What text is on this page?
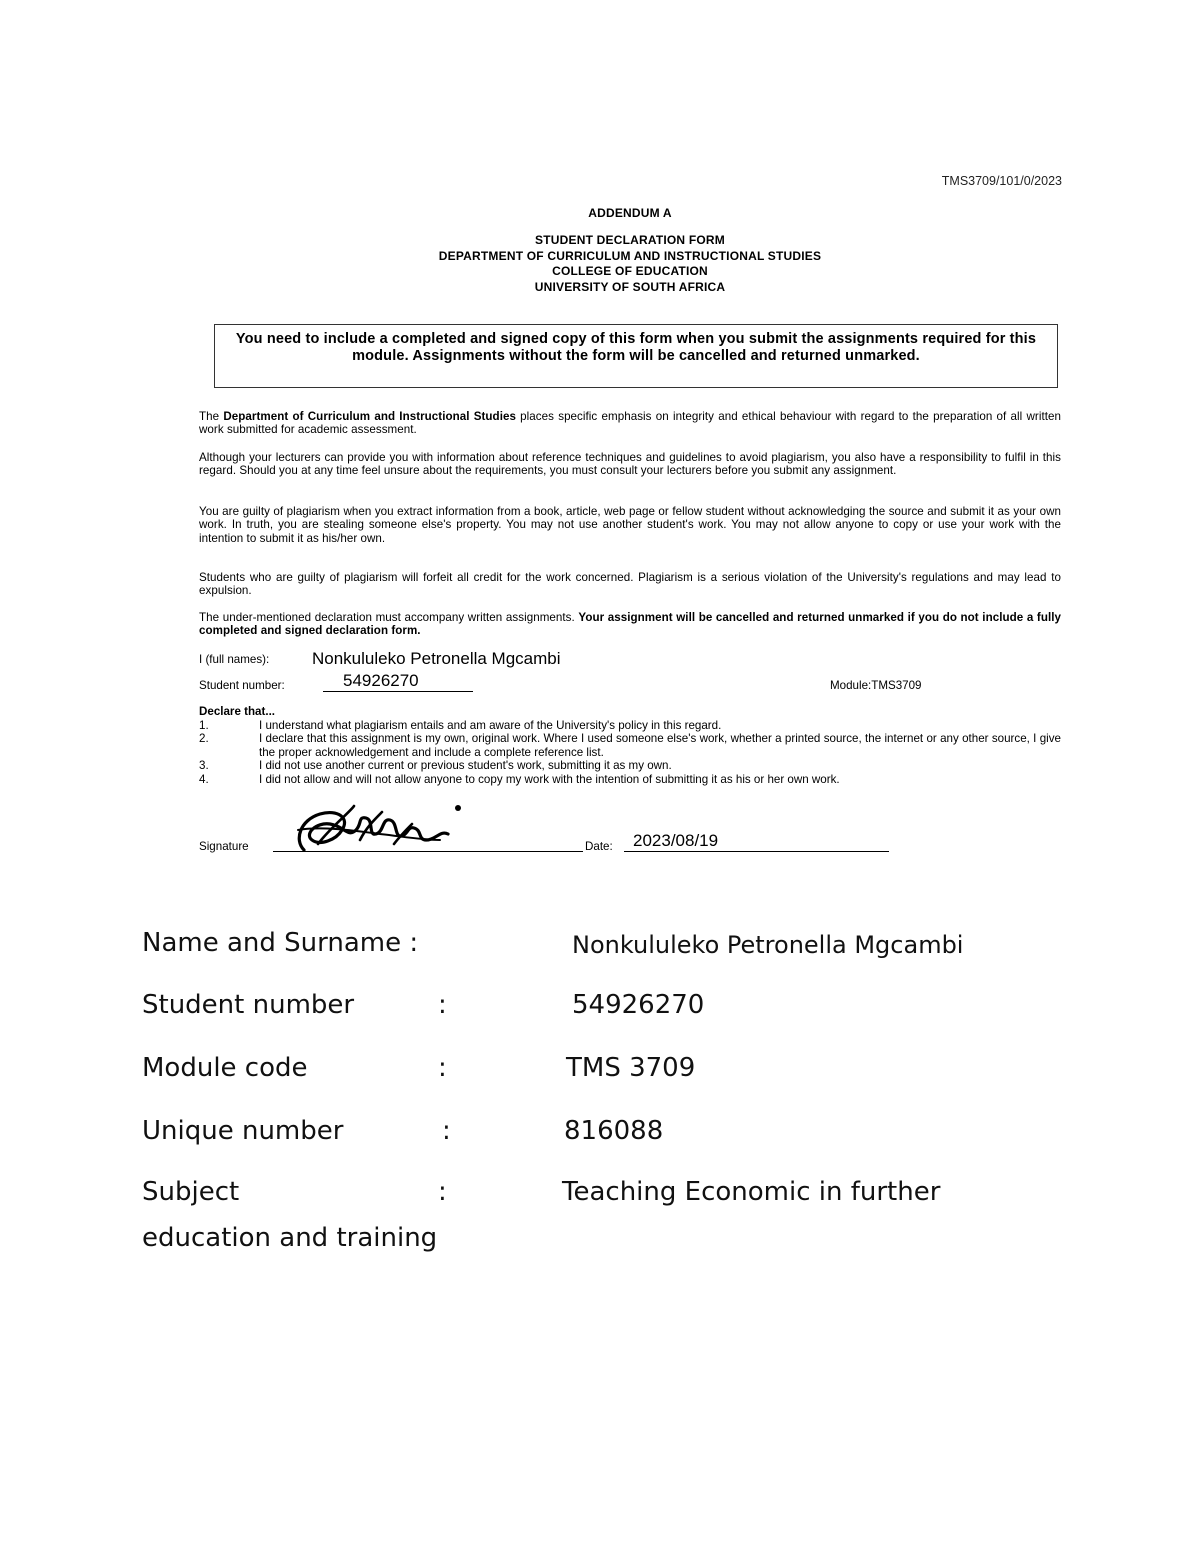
TMS3709/101/0/2023
ADDENDUM A
STUDENT DECLARATION FORM
DEPARTMENT OF CURRICULUM AND INSTRUCTIONAL STUDIES
COLLEGE OF EDUCATION
UNIVERSITY OF SOUTH AFRICA
You need to include a completed and signed copy of this form when you submit the assignments required for this module. Assignments without the form will be cancelled and returned unmarked.
The Department of Curriculum and Instructional Studies places specific emphasis on integrity and ethical behaviour with regard to the preparation of all written work submitted for academic assessment.
Although your lecturers can provide you with information about reference techniques and guidelines to avoid plagiarism, you also have a responsibility to fulfil in this regard. Should you at any time feel unsure about the requirements, you must consult your lecturers before you submit any assignment.
You are guilty of plagiarism when you extract information from a book, article, web page or fellow student without acknowledging the source and submit it as your own work. In truth, you are stealing someone else's property. You may not use another student's work. You may not allow anyone to copy or use your work with the intention to submit it as his/her own.
Students who are guilty of plagiarism will forfeit all credit for the work concerned. Plagiarism is a serious violation of the University's regulations and may lead to expulsion.
The under-mentioned declaration must accompany written assignments. Your assignment will be cancelled and returned unmarked if you do not include a fully completed and signed declaration form.
I (full names):	Nonkululeko Petronella Mgcambi
Student number:	54926270	Module:TMS3709
Declare that...
1.	I understand what plagiarism entails and am aware of the University's policy in this regard.
2.	I declare that this assignment is my own, original work. Where I used someone else's work, whether a printed source, the internet or any other source, I give the proper acknowledgement and include a complete reference list.
3.	I did not use another current or previous student's work, submitting it as my own.
4.	I did not allow and will not allow anyone to copy my work with the intention of submitting it as his or her own work.
Signature	Date: 2023/08/19
Name and Surname :	Nonkululeko Petronella Mgcambi
Student number	:	54926270
Module code	:	TMS 3709
Unique number	:	816088
Subject	:	Teaching Economic in further
education and training
